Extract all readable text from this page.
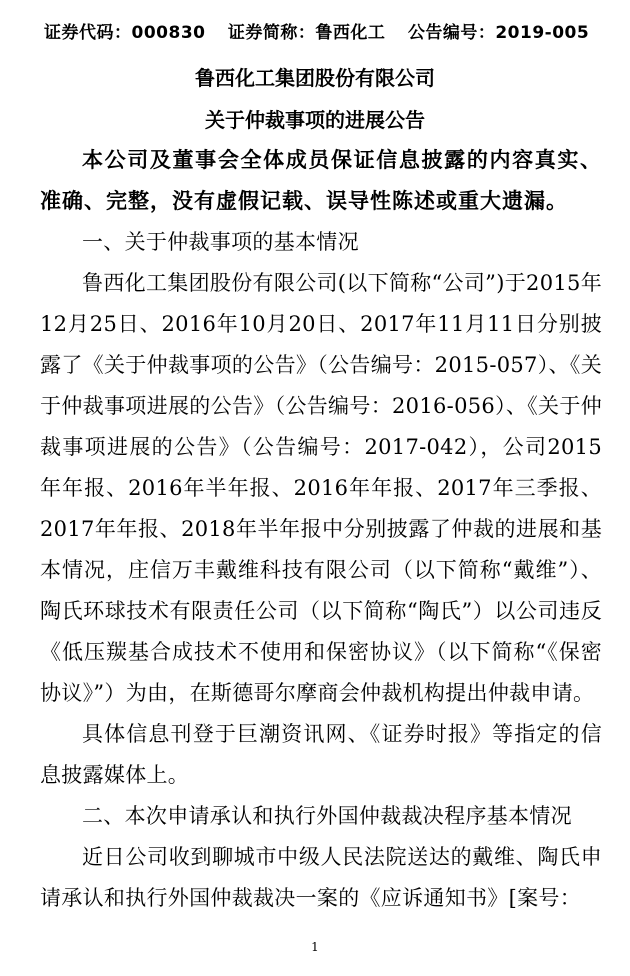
证券代码：000830 证券简称：鲁西化工 公告编号：2019-005
鲁西化工集团股份有限公司
关于仲裁事项的进展公告

本公司及董事会全体成员保证信息披露的内容真实、准确、完整，没有虚假记载、误导性陈述或重大遗漏。

一、关于仲裁事项的基本情况

鲁西化工集团股份有限公司(以下简称“公司”)于2015年12月25日、2016年10月20日、2017年11月11日分别披露了《关于仲裁事项的公告》（公告编号：2015-057）、《关于仲裁事项进展的公告》（公告编号：2016-056）、《关于仲裁事项进展的公告》（公告编号：2017-042），公司2015年年报、2016年半年报、2016年年报、2017年三季报、2017年年报、2018年半年报中分别披露了仲裁的进展和基本情况，庄信万丰戴维科技有限公司（以下简称“戴维”）、陶氏环球技术有限责任公司（以下简称“陶氏”）以公司违反《低压羰基合成技术不使用和保密协议》（以下简称“《保密协议》”）为由，在斯德哥尔摩商会仲裁机构提出仲裁申请。

具体信息刊登于巨潮资讯网、《证券时报》等指定的信息披露媒体上。

二、本次申请承认和执行外国仲裁裁决程序基本情况

近日公司收到聊城市中级人民法院送达的戴维、陶氏申请承认和执行外国仲裁裁决一案的《应诉通知书》[案号：

1
